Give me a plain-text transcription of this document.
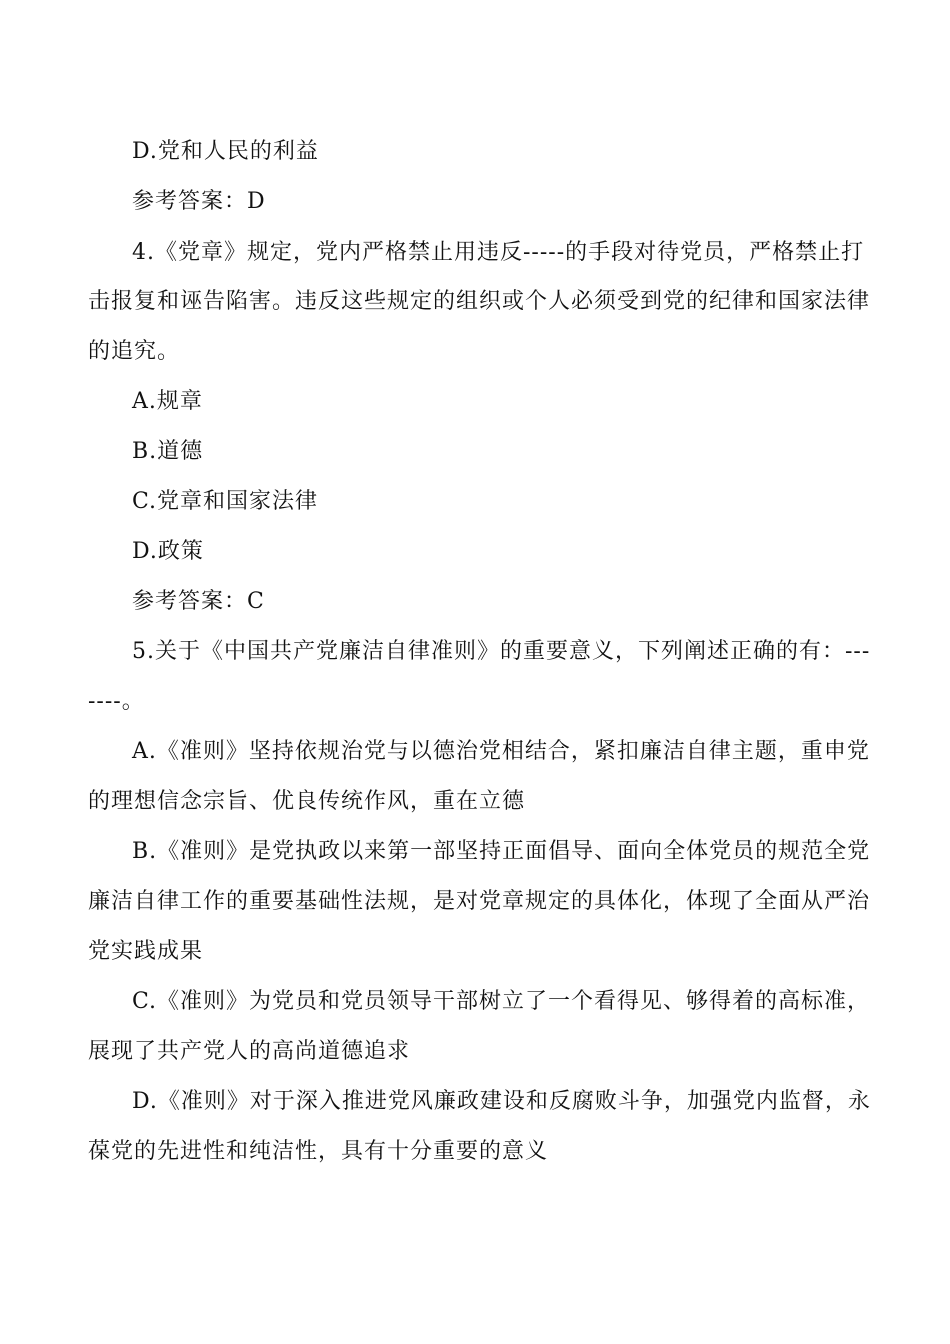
D.党和人民的利益
参考答案：D
4.《党章》规定，党内严格禁止用违反-----的手段对待党员，严格禁止打
击报复和诬告陷害。违反这些规定的组织或个人必须受到党的纪律和国家法律
的追究。
A.规章
B.道德
C.党章和国家法律
D.政策
参考答案：C
5.关于《中国共产党廉洁自律准则》的重要意义，下列阐述正确的有：---
----。
A.《准则》坚持依规治党与以德治党相结合，紧扣廉洁自律主题，重申党
的理想信念宗旨、优良传统作风，重在立德
B.《准则》是党执政以来第一部坚持正面倡导、面向全体党员的规范全党
廉洁自律工作的重要基础性法规，是对党章规定的具体化，体现了全面从严治
党实践成果
C.《准则》为党员和党员领导干部树立了一个看得见、够得着的高标准，
展现了共产党人的高尚道德追求
D.《准则》对于深入推进党风廉政建设和反腐败斗争，加强党内监督，永
葆党的先进性和纯洁性，具有十分重要的意义
